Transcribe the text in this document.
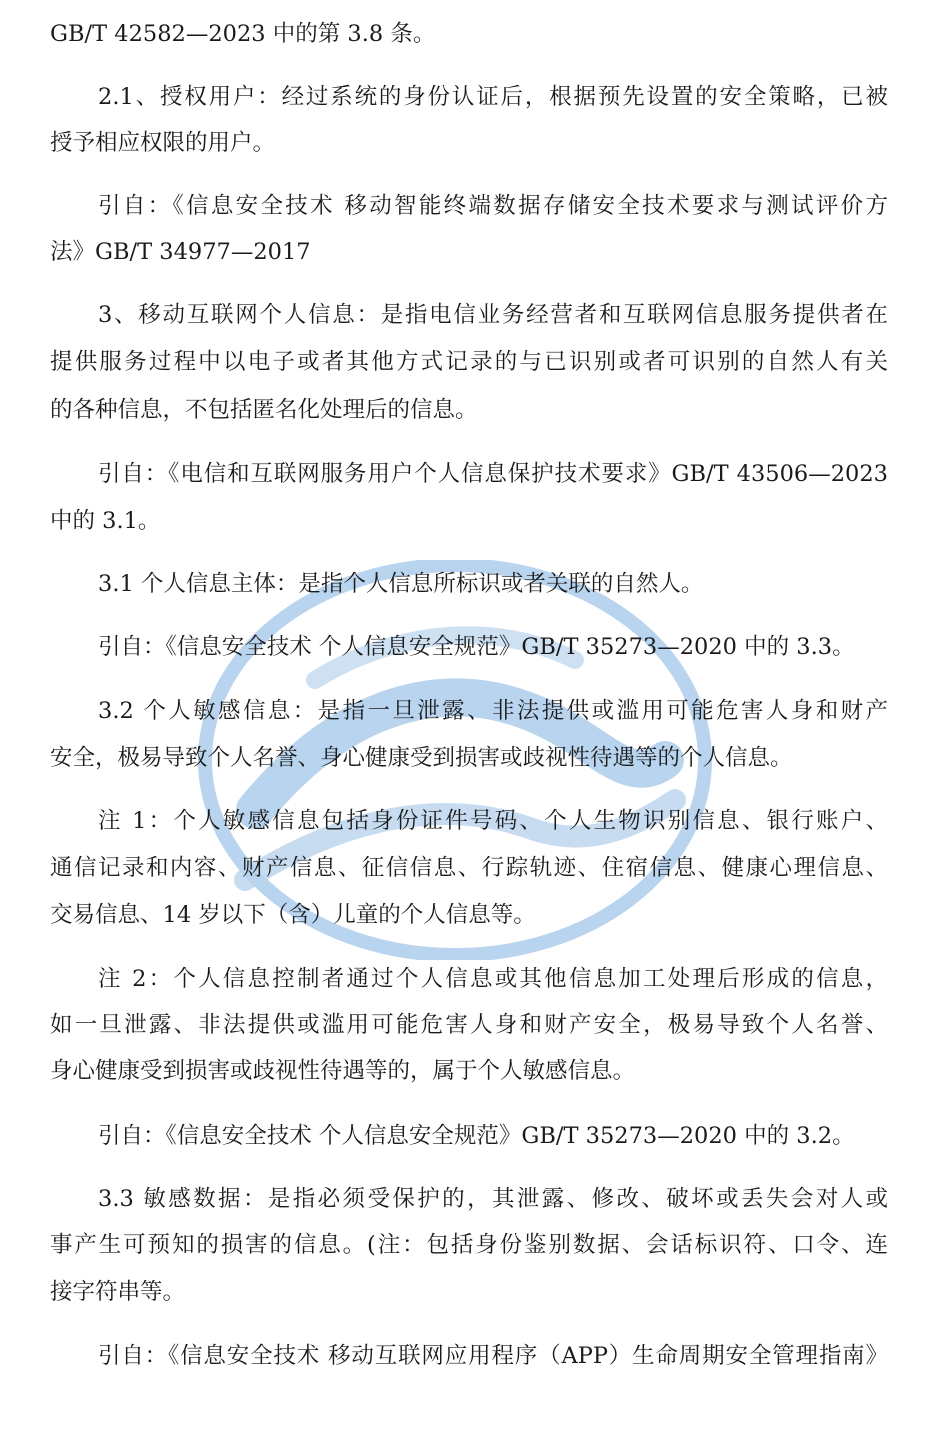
GB/T 42582—2023 中的第 3.8 条。
2.1、授权用户：经过系统的身份认证后，根据预先设置的安全策略，已被
授予相应权限的用户。
引自：《信息安全技术 移动智能终端数据存储安全技术要求与测试评价方
法》GB/T 34977—2017
3、移动互联网个人信息：是指电信业务经营者和互联网信息服务提供者在
提供服务过程中以电子或者其他方式记录的与已识别或者可识别的自然人有关
的各种信息，不包括匿名化处理后的信息。
引自：《电信和互联网服务用户个人信息保护技术要求》GB/T 43506—2023
中的 3.1。
3.1 个人信息主体：是指个人信息所标识或者关联的自然人。
引自：《信息安全技术 个人信息安全规范》GB/T 35273—2020 中的 3.3。
3.2 个人敏感信息：是指一旦泄露、非法提供或滥用可能危害人身和财产
安全，极易导致个人名誉、身心健康受到损害或歧视性待遇等的个人信息。
注 1：个人敏感信息包括身份证件号码、个人生物识别信息、银行账户、
通信记录和内容、财产信息、征信信息、行踪轨迹、住宿信息、健康心理信息、
交易信息、14 岁以下（含）儿童的个人信息等。
注 2：个人信息控制者通过个人信息或其他信息加工处理后形成的信息，
如一旦泄露、非法提供或滥用可能危害人身和财产安全，极易导致个人名誉、
身心健康受到损害或歧视性待遇等的，属于个人敏感信息。
引自：《信息安全技术 个人信息安全规范》GB/T 35273—2020 中的 3.2。
3.3 敏感数据：是指必须受保护的，其泄露、修改、破坏或丢失会对人或
事产生可预知的损害的信息。(注：包括身份鉴别数据、会话标识符、口令、连
接字符串等。
引自：《信息安全技术 移动互联网应用程序（APP）生命周期安全管理指南》
